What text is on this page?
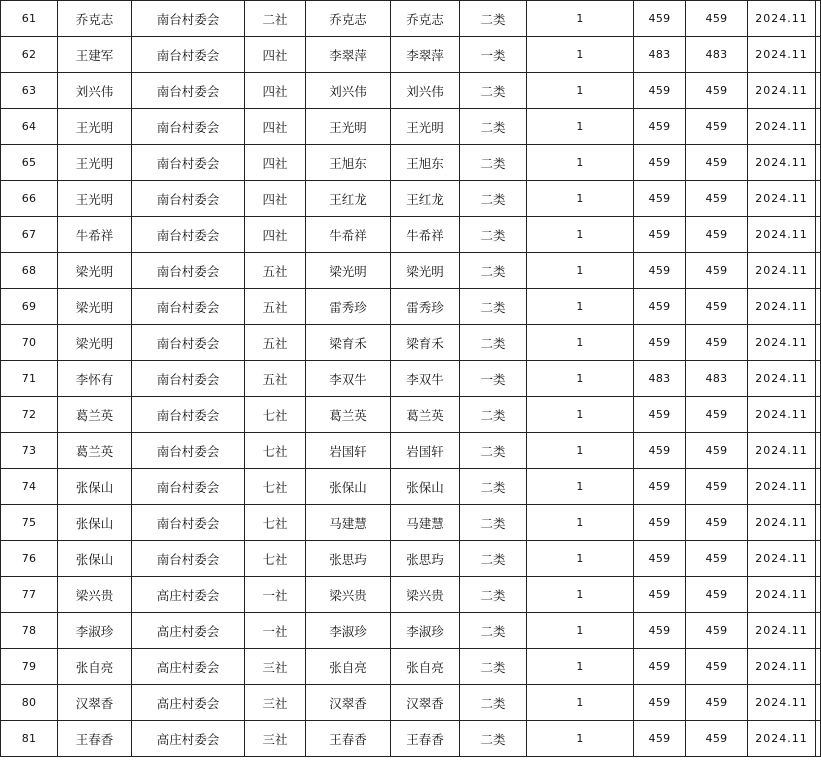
61	乔克志	南台村委会	二社	乔克志	乔克志	二类	1	459	459	2024.11	
62	王建军	南台村委会	四社	李翠萍	李翠萍	一类	1	483	483	2024.11	
63	刘兴伟	南台村委会	四社	刘兴伟	刘兴伟	二类	1	459	459	2024.11	
64	王光明	南台村委会	四社	王光明	王光明	二类	1	459	459	2024.11	
65	王光明	南台村委会	四社	王旭东	王旭东	二类	1	459	459	2024.11	
66	王光明	南台村委会	四社	王红龙	王红龙	二类	1	459	459	2024.11	
67	牛希祥	南台村委会	四社	牛希祥	牛希祥	二类	1	459	459	2024.11	
68	梁光明	南台村委会	五社	梁光明	梁光明	二类	1	459	459	2024.11	
69	梁光明	南台村委会	五社	雷秀珍	雷秀珍	二类	1	459	459	2024.11	
70	梁光明	南台村委会	五社	梁育禾	梁育禾	二类	1	459	459	2024.11	
71	李怀有	南台村委会	五社	李双牛	李双牛	一类	1	483	483	2024.11	
72	葛兰英	南台村委会	七社	葛兰英	葛兰英	二类	1	459	459	2024.11	
73	葛兰英	南台村委会	七社	岩国轩	岩国轩	二类	1	459	459	2024.11	
74	张保山	南台村委会	七社	张保山	张保山	二类	1	459	459	2024.11	
75	张保山	南台村委会	七社	马建慧	马建慧	二类	1	459	459	2024.11	
76	张保山	南台村委会	七社	张思玙	张思玙	二类	1	459	459	2024.11	
77	梁兴贵	高庄村委会	一社	梁兴贵	梁兴贵	二类	1	459	459	2024.11	
78	李淑珍	高庄村委会	一社	李淑珍	李淑珍	二类	1	459	459	2024.11	
79	张自亮	高庄村委会	三社	张自亮	张自亮	二类	1	459	459	2024.11	
80	汉翠香	高庄村委会	三社	汉翠香	汉翠香	二类	1	459	459	2024.11	
81	王春香	高庄村委会	三社	王春香	王春香	二类	1	459	459	2024.11	
